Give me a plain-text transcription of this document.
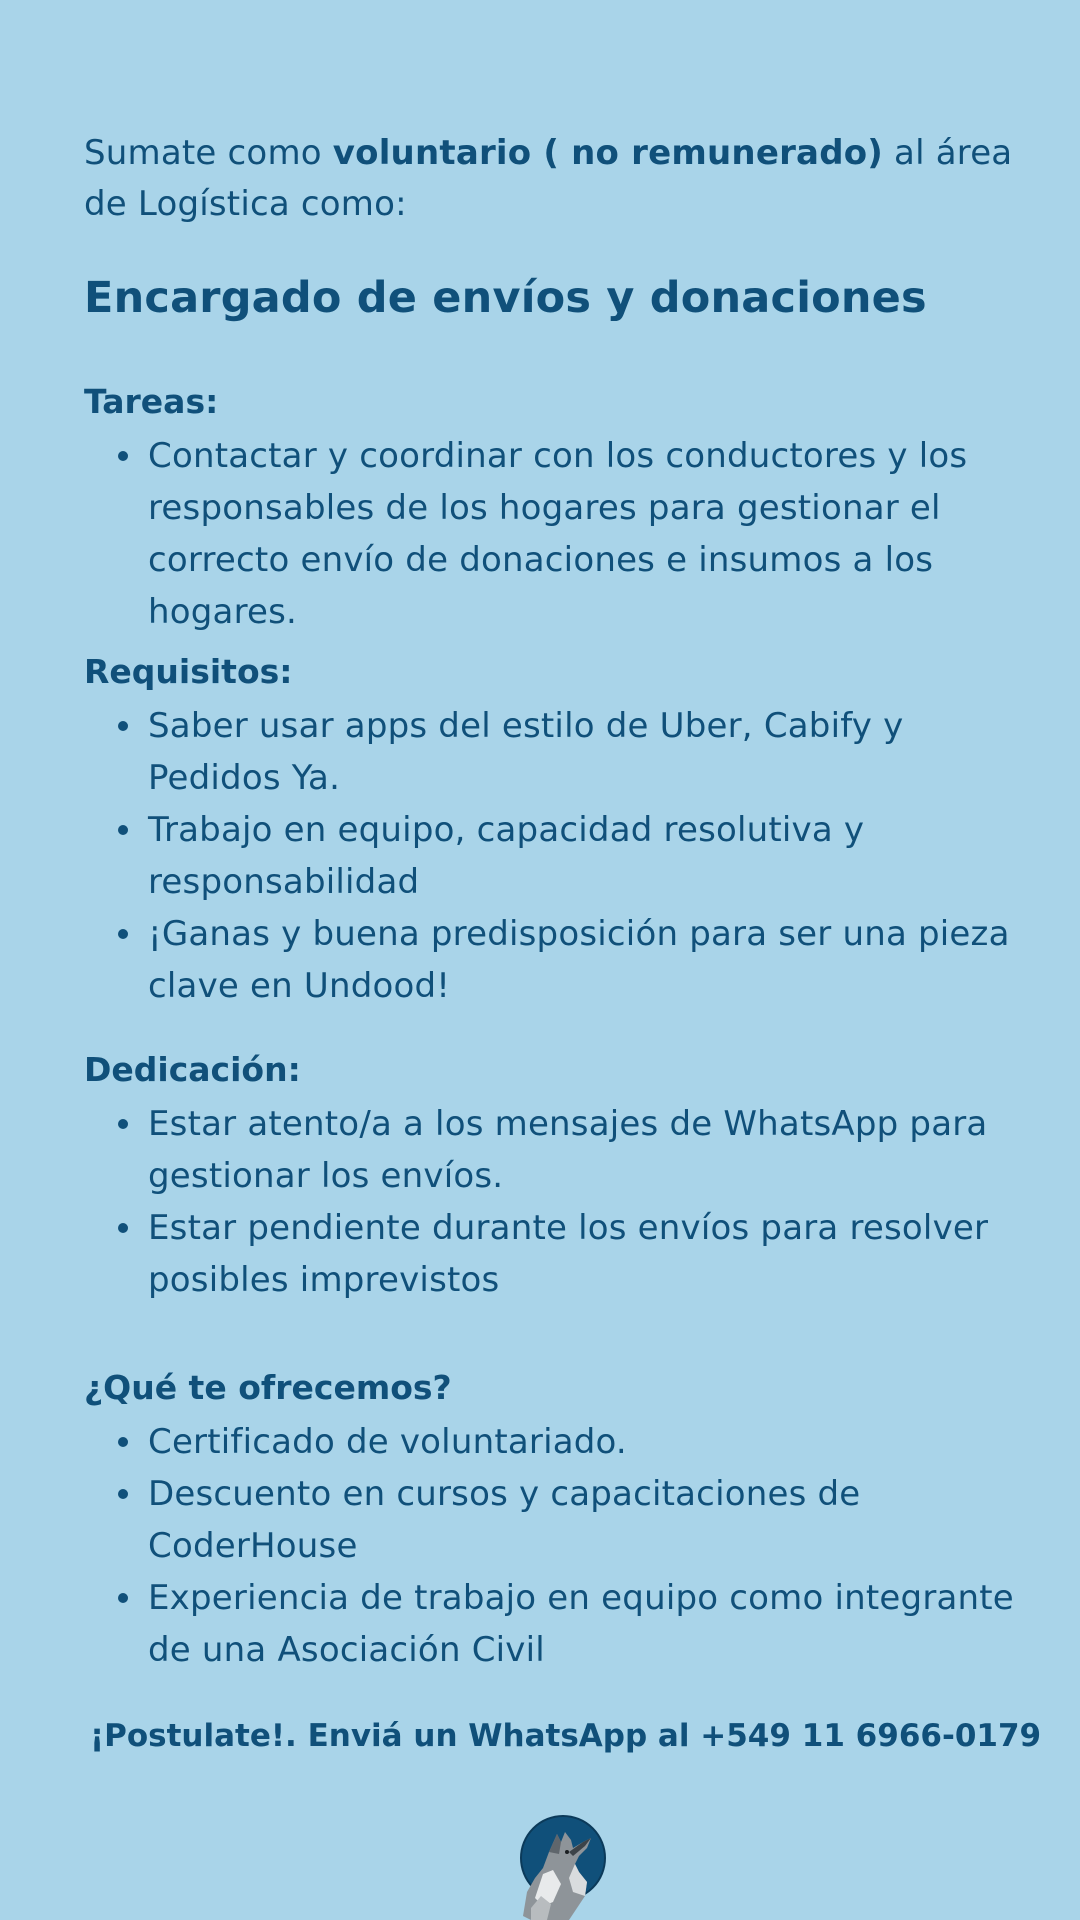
Sumate como voluntario ( no remunerado) al área de Logística como:

Encargado de envíos y donaciones
Tareas:
Contactar y coordinar con los conductores y los responsables de los hogares para gestionar el correcto envío de donaciones e insumos a los hogares.
Requisitos:
Saber usar apps del estilo de Uber, Cabify y Pedidos Ya.
Trabajo en equipo, capacidad resolutiva y responsabilidad
¡Ganas y buena predisposición para ser una pieza clave en Undood!
Dedicación:
Estar atento/a a los mensajes de WhatsApp para gestionar los envíos.
Estar pendiente durante los envíos para resolver posibles imprevistos
¿Qué te ofrecemos?
Certificado de voluntariado.
Descuento en cursos y capacitaciones de CoderHouse
Experiencia de trabajo en equipo como integrante de una Asociación Civil
¡Postulate!. Enviá un WhatsApp al +549 11 6966-0179
